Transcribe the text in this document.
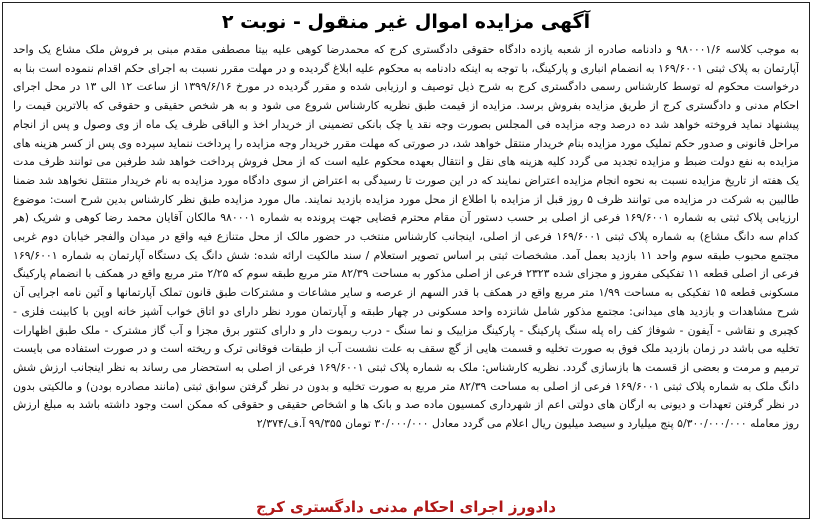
آگهی مزایده اموال غیر منقول - نوبت ۲
به موجب کلاسه ۹۸۰۰۰۱/۶ و دادنامه صادره از شعبه یازده دادگاه حقوقی دادگستری کرج که محمدرضا کوهی علیه بیتا مصطفی مقدم مبنی بر فروش ملک مشاع یک واحد آپارتمان به پلاک ثبتی ۱۶۹/۶۰۰۱ به انضمام انباری و پارکینگ، با توجه به اینکه دادنامه به محکوم علیه ابلاغ گردیده و در مهلت مقرر نسبت به اجرای حکم اقدام ننموده است بنا به درخواست محکوم له توسط کارشناس رسمی دادگستری کرج به شرح ذیل توصیف و ارزیابی شده و مقرر گردیده در مورخ ۱۳۹۹/۶/۱۶ از ساعت ۱۲ الی ۱۳ در محل اجرای احکام مدنی و دادگستری کرج از طریق مزایده بفروش برسد. مزایده از قیمت طبق نظریه کارشناس شروع می شود و به هر شخص حقیقی و حقوقی که بالاترین قیمت را پیشنهاد نماید فروخته خواهد شد ده درصد وجه مزایده فی المجلس بصورت وجه نقد یا چک بانکی تضمینی از خریدار اخذ و الباقی ظرف یک ماه از وی وصول و پس از انجام مراحل قانونی و صدور حکم تملیک مورد مزایده بنام خریدار منتقل خواهد شد، در صورتی که مهلت مقرر خریدار وجه مزایده را پرداخت ننماید سپرده وی پس از کسر هزینه های مزایده به نفع دولت ضبط و مزایده تجدید می گردد کلیه هزینه های نقل و انتقال بعهده محکوم علیه است که از محل فروش پرداخت خواهد شد طرفین می توانند ظرف مدت یک هفته از تاریخ مزایده نسبت به نحوه انجام مزایده اعتراض نمایند که در این صورت تا رسیدگی به اعتراض از سوی دادگاه مورد مزایده به نام خریدار منتقل نخواهد شد ضمنا طالبین به شرکت در مزایده می توانند ظرف ۵ روز قبل از مزایده با اطلاع از محل مورد مزایده بازدید نمایند. مال مورد مزایده طبق نظر کارشناس بدین شرح است: موضوع ارزیابی پلاک ثبتی به شماره ۱۶۹/۶۰۰۱ فرعی از اصلی بر حسب دستور آن مقام محترم قضایی جهت پرونده به شماره ۹۸۰۰۰۱ مالکان آقایان محمد رضا کوهی و شریک (هر کدام سه دانگ مشاع) به شماره پلاک ثبتی ۱۶۹/۶۰۰۱ فرعی از اصلی، اینجانب کارشناس منتخب در حضور مالک از محل متنازع فیه واقع در میدان والفجر خیابان دوم غربی مجتمع محبوب طبقه سوم واحد ۱۱ بازدید بعمل آمد. مشخصات ثبتی بر اساس تصویر استعلام / سند مالکیت ارائه شده: شش دانگ یک دستگاه آپارتمان به شماره ۱۶۹/۶۰۰۱ فرعی از اصلی قطعه ۱۱ تفکیکی مفروز و مجزای شده ۲۳۲۳ فرعی از اصلی مذکور به مساحت ۸۲/۳۹ متر مربع طبقه سوم که ۲/۲۵ متر مربع واقع در همکف با انضمام پارکینگ مسکونی قطعه ۱۵ تفکیکی به مساحت ۱/۹۹ متر مربع واقع در همکف با قدر السهم از عرصه و سایر مشاعات و مشترکات طبق قانون تملک آپارتمانها و آئین نامه اجرایی آن شرح مشاهدات و بازدید های میدانی: مجتمع مذکور شامل شانزده واحد مسکونی در چهار طبقه و آپارتمان مورد نظر دارای دو اتاق خواب آشپز خانه اوپن با کابینت فلزی - کچبری و نقاشی - آیفون - شوفاژ کف راه پله سنگ پارکینگ - پارکینگ مزاییک و نما سنگ - درب ربموت دار و دارای کنتور برق مجزا و آب گاز مشترک - ملک طبق اظهارات تخلیه می باشد در زمان بازدید ملک فوق به صورت تخلیه و قسمت هایی از گچ سقف به علت نشست آب از طبقات فوقانی ترک و ریخته است و در صورت استفاده می بایست ترمیم و مرمت و بعضی از قسمت ها بازسازی گردد. نظریه کارشناس: ملک به شماره پلاک ثبتی ۱۶۹/۶۰۰۱ فرعی از اصلی به استحضار می رساند به نظر اینجانب ارزش شش دانگ ملک به شماره پلاک ثبتی ۱۶۹/۶۰۰۱ فرعی از اصلی به مساحت ۸۲/۳۹ متر مربع به صورت تخلیه و بدون در نظر گرفتن سوابق ثبتی (مانند مصادره بودن) و مالکیتی بدون در نظر گرفتن تعهدات و دیونی به ارگان های دولتی اعم از شهرداری کمسیون ماده صد و بانک ها و اشخاص حقیقی و حقوقی که ممکن است وجود داشته باشد به مبلغ ارزش روز معامله ۵/۳۰۰/۰۰۰/۰۰۰ پنج میلیارد و سیصد میلیون ریال اعلام می گردد معادل ۳۰/۰۰۰/۰۰۰ تومان ۹۹/۳۵۵ آ.ف/۲/۳۷۴
دادورز اجرای احکام مدنی دادگستری کرج
